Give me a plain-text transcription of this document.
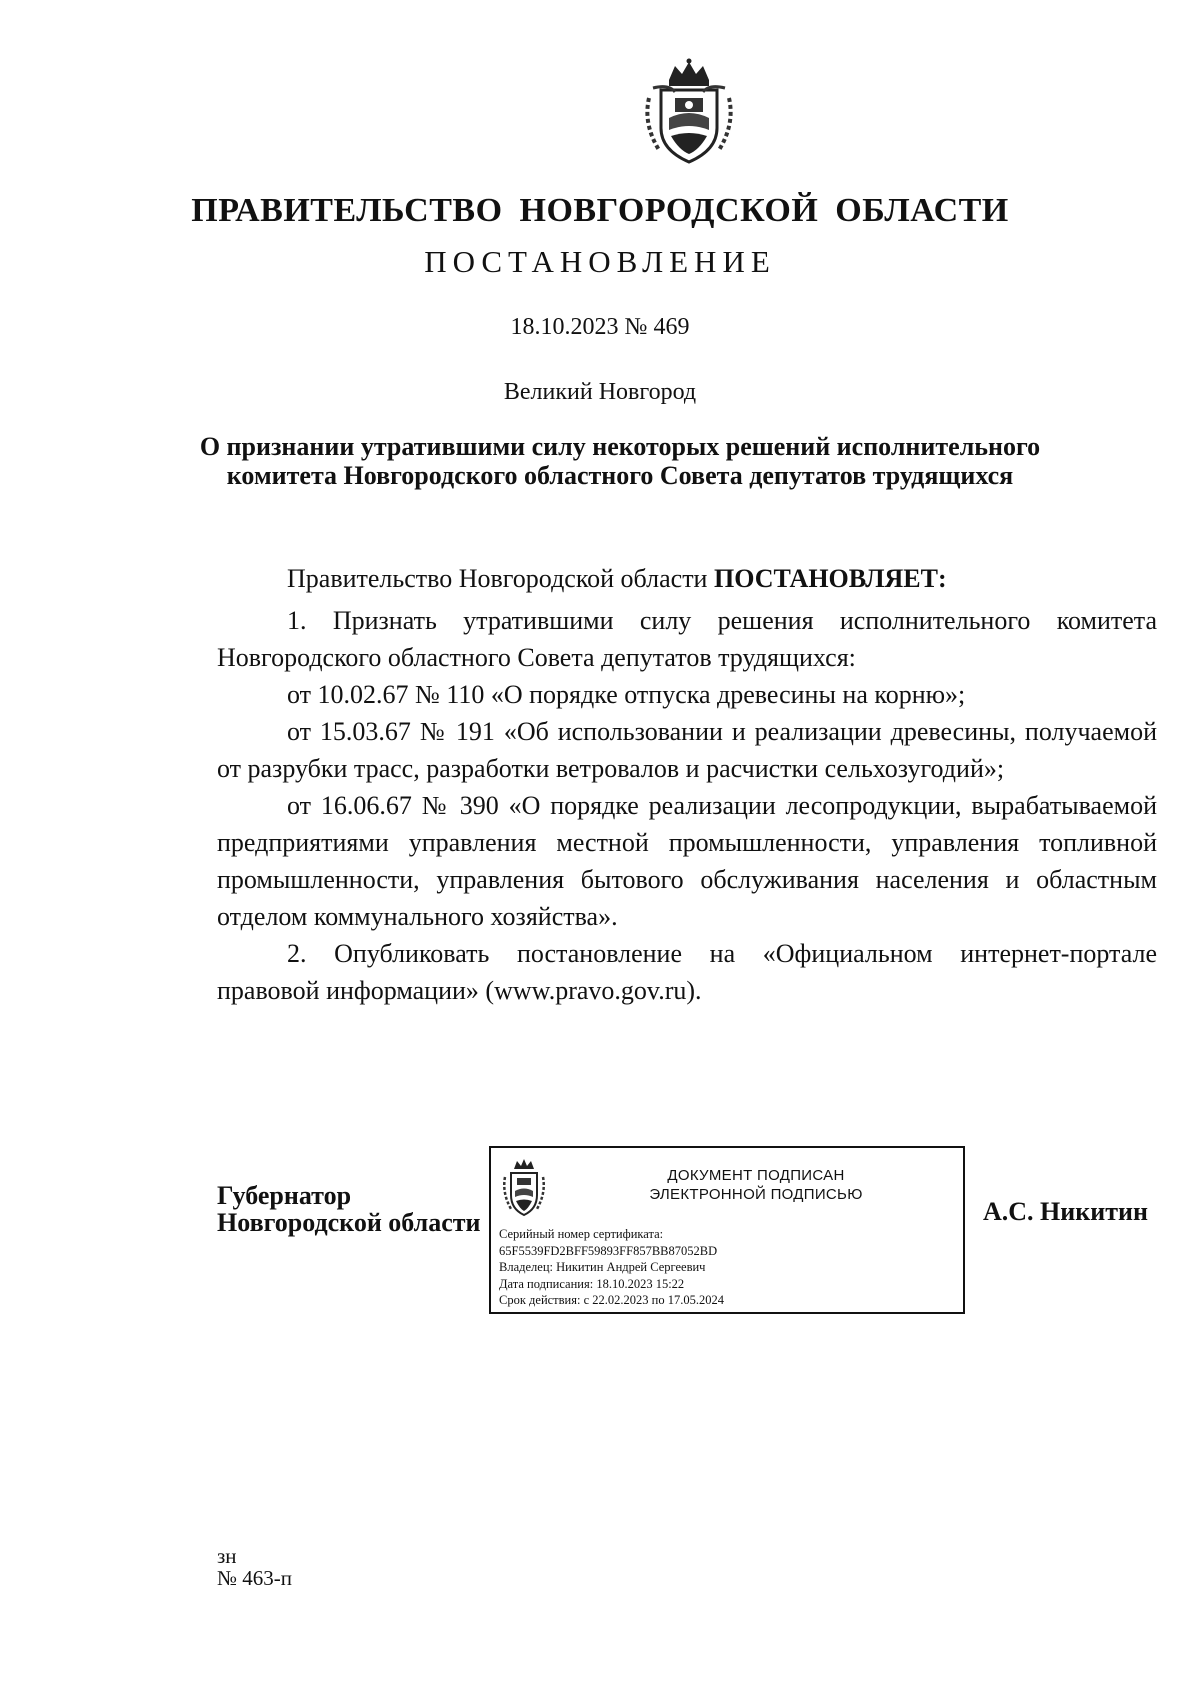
ПРАВИТЕЛЬСТВО НОВГОРОДСКОЙ ОБЛАСТИ
ПОСТАНОВЛЕНИЕ
18.10.2023 № 469
Великий Новгород
О признании утратившими силу некоторых решений исполнительного
комитета Новгородского областного Совета депутатов трудящихся

Правительство Новгородской области ПОСТАНОВЛЯЕТ:

1. Признать утратившими силу решения исполнительного комитета Новгородского областного Совета депутатов трудящихся:

от 10.02.67 № 110 «О порядке отпуска древесины на корню»;

от 15.03.67 № 191 «Об использовании и реализации древесины, получаемой от разрубки трасс, разработки ветровалов и расчистки сельхозугодий»;

от 16.06.67 № 390 «О порядке реализации лесопродукции, вырабатываемой предприятиями управления местной промышленности, управления топливной промышленности, управления бытового обслуживания населения и областным отделом коммунального хозяйства».

2. Опубликовать постановление на «Официальном интернет-портале правовой информации» (www.pravo.gov.ru).

Губернатор
Новгородской области
ДОКУМЕНТ ПОДПИСАН
ЭЛЕКТРОННОЙ ПОДПИСЬЮ
Серийный номер сертификата:
65F5539FD2BFF59893FF857BB87052BD
Владелец: Никитин Андрей Сергеевич
Дата подписания: 18.10.2023 15:22
Срок действия: с 22.02.2023 по 17.05.2024
А.С. Никитин
зн
№ 463-п
